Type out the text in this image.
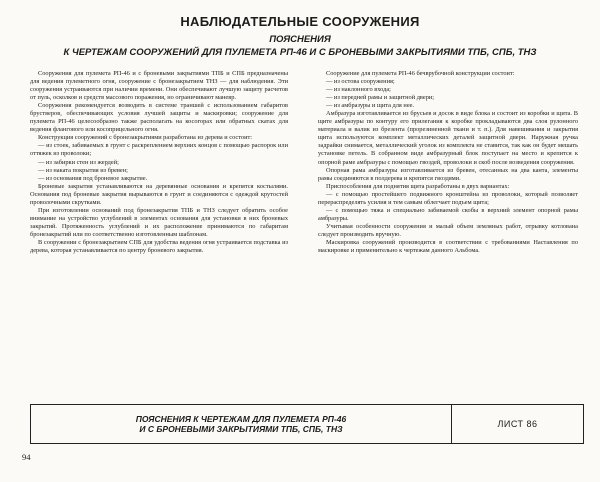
НАБЛЮДАТЕЛЬНЫЕ СООРУЖЕНИЯ
ПОЯСНЕНИЯ
К ЧЕРТЕЖАМ СООРУЖЕНИЙ ДЛЯ ПУЛЕМЕТА РП-46 И С БРОНЕВЫМИ ЗАКРЫТИЯМИ ТПБ, СПБ, ТНЗ

Сооружения для пулемета РП-46 и с броневыми закрытиями ТПБ и СПБ предназначены для ведения пулеметного огня, сооружение с бронезакрытием ТНЗ — для наблюдения. Эти сооружения устраиваются при наличии времени. Они обеспечивают лучшую защиту расчетов от пуль, осколков и средств массового поражения, но ограничивают маневр.

Сооружения рекомендуется возводить в системе траншей с использованием габаритов брустверов, обеспечивающих условия лучшей защиты и маскировки; сооружение для пулемета РП-46 целесообразно также располагать на косогорах или обратных скатах для ведения флангового или косоприцельного огня.

Конструкция сооружений с бронезакрытиями разработана из дерева и состоит:

— из стоек, забиваемых в грунт с раскреплением верхних концов с помощью распорок или оттяжек из проволоки;

— из забирки стен из жердей;

— из наката покрытия из бревен;

— из основания под броневое закрытие.

Броневые закрытия устанавливаются на деревянные основания и крепятся костылями. Основания под броневые закрытия вырываются в грунт и соединяются с одеждой крутостей проволочными скрутками.

При изготовлении оснований под бронезакрытия ТПБ и ТНЗ следует обратить особое внимание на устройство углублений в элементах основания для установки в них броневых закрытий. Протяженность углублений и их расположение принимаются по габаритам бронезакрытий или по соответственно изготовленным шаблонам.

В сооружении с бронезакрытием СПБ для удобства ведения огня устраивается подставка из дерева, которая устанавливается по центру броневого закрытия.

Сооружение для пулемета РП-46 бечврубочной конструкции состоит:

— из остова сооружения;

— из наклонного входа;

— из передней рамы и защитной двери;

— из амбразуры и щита для нее.

Амбразура изготавливается из брусьев и досок в виде блока и состоит из коробки и щита. В щите амбразуры по контуру его прилегания к коробке прокладываются два слоя рулонного материала и валик из брезента (прорезиненной ткани и т. п.). Для навешивания и закрытия щита используются комплект металлических деталей защитной двери. Наружная ручка задрайки снимается, металлический уголок из комплекта не ставится, так как он будет мешать установке петель. В собранном виде амбразурный блок поступает на место и крепится к опорной раме амбразуры с помощью гвоздей, проволоки и скоб после возведения сооружения.

Опорная рама амбразуры изготавливается из бревен, отесанных на два канта, элементы рамы соединяются в полдерева и крепятся гвоздями.

Приспособления для поднятия щита разработаны в двух вариантах:

— с помощью простейшего подвижного кронштейна из проволоки, который позволяет перераспределять усилия и тем самым облегчает подъем щита;

— с помощью тяжа и специально забиваемой скобы в верхний элемент опорной рамы амбразуры.

Учитывая особенности сооружения и малый объем земляных работ, отрывку котлована следует производить вручную.

Маскировка сооружений производится в соответствии с требованиями Наставления по маскировке и применительно к чертежам данного Альбома.

ПОЯСНЕНИЯ К ЧЕРТЕЖАМ ДЛЯ ПУЛЕМЕТА РП-46
И С БРОНЕВЫМИ ЗАКРЫТИЯМИ ТПБ, СПБ, ТНЗ	ЛИСТ 86
94
